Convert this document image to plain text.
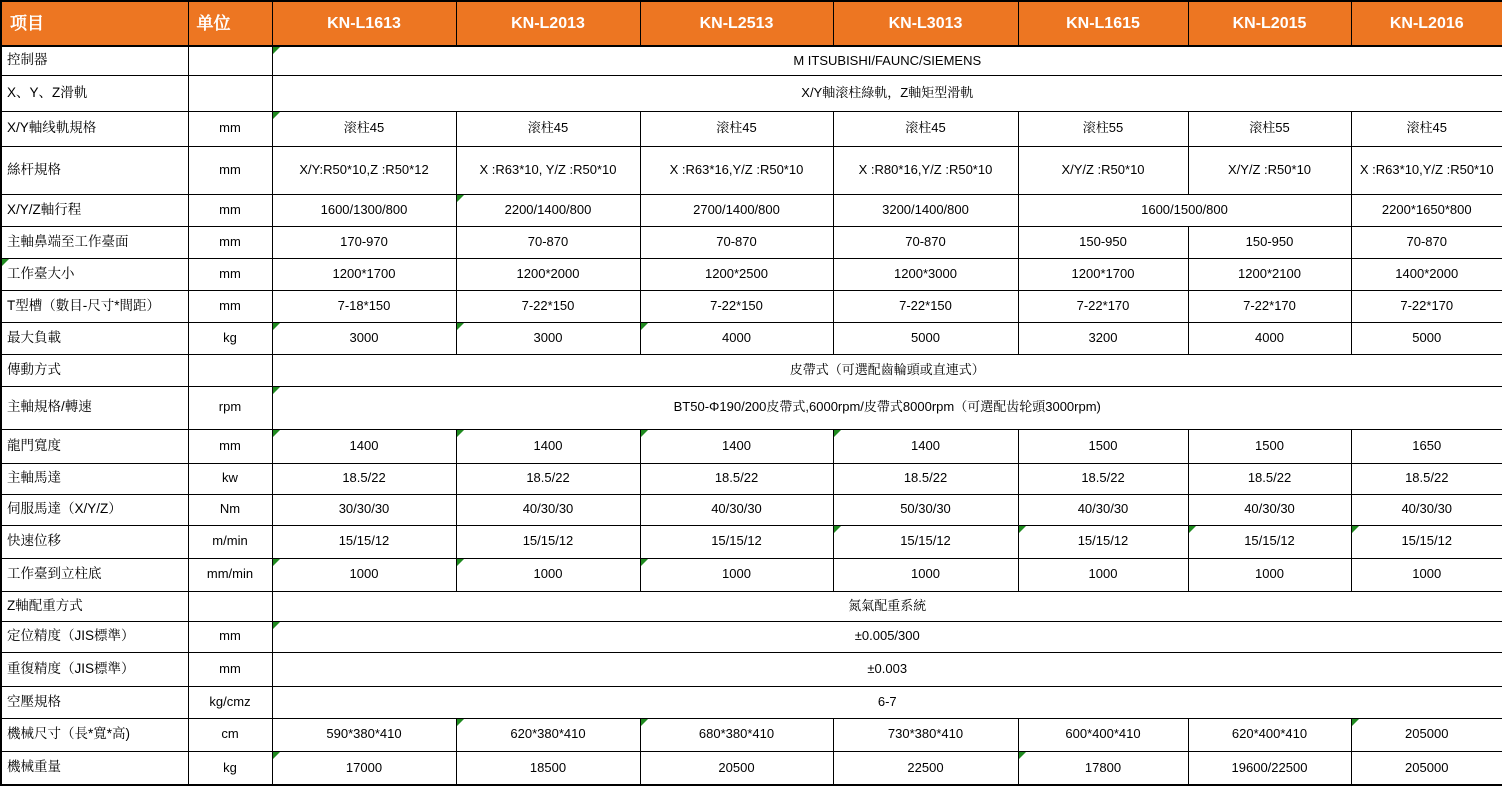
项目	单位	KN-L1613	KN-L2013	KN-L2513	KN-L3013	KN-L1615	KN-L2015	KN-L2016
控制器		M ITSUBISHI/FAUNC/SIEMENS						
X、Y、Z滑軌		X/Y軸滚柱綠軌，Z軸矩型滑軌						
X/Y軸线軌規格	mm	滚柱45	滚柱45	滚柱45	滚柱45	滚柱55	滚柱55	滚柱45
絲杆規格	mm	X/Y:R50*10,Z :R50*12	X :R63*10, Y/Z :R50*10	X :R63*16,Y/Z :R50*10	X :R80*16,Y/Z :R50*10	X/Y/Z :R50*10	X/Y/Z :R50*10	X :R63*10,Y/Z :R50*10
X/Y/Z軸行程	mm	1600/1300/800	2200/1400/800	2700/1400/800	3200/1400/800	1600/1500/800		2200*1650*800
主軸鼻端至工作臺面	mm	170-970	70-870	70-870	70-870	150-950	150-950	70-870

工作臺大小	mm	1200*1700	1200*2000	1200*2500	1200*3000	1200*1700	1200*2100	1400*2000
T型槽（數目-尺寸*間距）	mm	7-18*150	7-22*150	7-22*150	7-22*150	7-22*170	7-22*170	7-22*170
最大負載	kg	3000	3000	4000	5000	3200	4000	5000
傳動方式		皮帶式（可選配齒輪頭或直連式）						
主軸規格/轉速	rpm	BT50-Φ190/200皮帶式,6000rpm/皮帶式8000rpm（可選配齿轮頭3000rpm)						
龍門寬度	mm	1400	1400	1400	1400	1500	1500	1650
主軸馬達	kw	18.5/22	18.5/22	18.5/22	18.5/22	18.5/22	18.5/22	18.5/22
伺服馬達（X/Y/Z）	Nm	30/30/30	40/30/30	40/30/30	50/30/30	40/30/30	40/30/30	40/30/30
快速位移	m/min	15/15/12	15/15/12	15/15/12	15/15/12	15/15/12	15/15/12	15/15/12
工作臺到立柱底	mm/min	1000	1000	1000	1000	1000	1000	1000
Z軸配重方式		氮氣配重系統						
定位精度（JIS標準）	mm	±0.005/300						
重復精度（JIS標準）	mm	±0.003						
空壓規格	kg/cmz	6-7						
機械尺寸（長*寬*高)	cm	590*380*410	620*380*410	680*380*410	730*380*410	600*400*410	620*400*410	205000
機械重量	kg	17000	18500	20500	22500	17800	19600/22500	205000
